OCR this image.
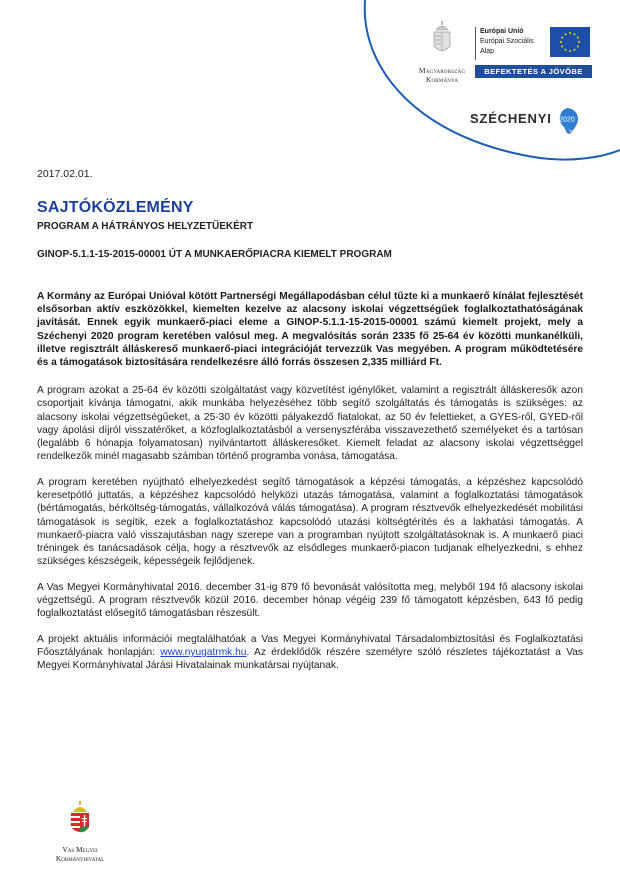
Magyarország
Kormánya
Európai Unió
Európai Szociális
Alap
BEFEKTETÉS A JÖVŐBE
SZÉCHENYI 2020
2017.02.01.
SAJTÓKÖZLEMÉNY
PROGRAM A HÁTRÁNYOS HELYZETŰEKÉRT
GINOP-5.1.1-15-2015-00001 ÚT A MUNKAERŐPIACRA KIEMELT PROGRAM

A Kormány az Európai Unióval kötött Partnerségi Megállapodásban célul tűzte ki a munkaerő kínálat fejlesztését elsősorban aktív eszközökkel, kiemelten kezelve az alacsony iskolai végzettségűek foglalkoztathatóságának javítását. Ennek egyik munkaerő-piaci eleme a GINOP-5.1.1-15-2015-00001 számú kiemelt projekt, mely a Széchenyi 2020 program keretében valósul meg. A megvalósítás során 2335 fő 25-64 év közötti munkanélküli, illetve regisztrált álláskereső munkaerő-piaci integrációját tervezzük Vas megyében. A program működtetésére és a támogatások biztosítására rendelkezésre álló forrás összesen 2,335 milliárd Ft.

A program azokat a 25-64 év közötti szolgáltatást vagy közvetítést igénylőket, valamint a regisztrált álláskeresők azon csoportjait kívánja támogatni, akik munkába helyezéséhez több segítő szolgáltatás és támogatás is szükséges: az alacsony iskolai végzettségűeket, a 25-30 év közötti pályakezdő fiatalokat, az 50 év felettieket, a GYES-ről, GYED-ről vagy ápolási díjról visszatérőket, a közfoglalkoztatásból a versenyszférába visszavezethető személyeket és a tartósan (legalább 6 hónapja folyamatosan) nyilvántartott álláskeresőket. Kiemelt feladat az alacsony iskolai végzettséggel rendelkezők minél magasabb számban történő programba vonása, támogatása.

A program keretében nyújtható elhelyezkedést segítő támogatások a képzési támogatás, a képzéshez kapcsolódó keresetpótló juttatás, a képzéshez kapcsolódó helyközi utazás támogatása, valamint a foglalkoztatási támogatások (bértámogatás, bérköltség-támogatás, vállalkozóvá válás támogatása). A program résztvevők elhelyezkedését mobilitási támogatások is segítik, ezek a foglalkoztatáshoz kapcsolódó utazási költségtérítés és a lakhatási támogatás. A munkaerő-piacra való visszajutásban nagy szerepe van a programban nyújtott szolgáltatásoknak is. A munkaerő piaci tréningek és tanácsadások célja, hogy a résztvevők az elsődleges munkaerő-piacon tudjanak elhelyezkedni, s ehhez szükséges készségeik, képességeik fejlődjenek.

A Vas Megyei Kormányhivatal 2016. december 31-ig 879 fő bevonását valósította meg, melyből 194 fő alacsony iskolai végzettségű. A program résztvevők közül 2016. december hónap végéig 239 fő támogatott képzésben, 643 fő pedig foglalkoztatást elősegítő támogatásban részesült.

A projekt aktuális információi megtalálhatóak a Vas Megyei Kormányhivatal Társadalombiztosítási és Foglalkoztatási Főosztályának honlapján: www.nyugatrmk.hu. Az érdeklődők részére személyre szóló részletes tájékoztatást a Vas Megyei Kormányhivatal Járási Hivatalainak munkatársai nyújtanak.

Vas Megyei
Kormányhivatal
